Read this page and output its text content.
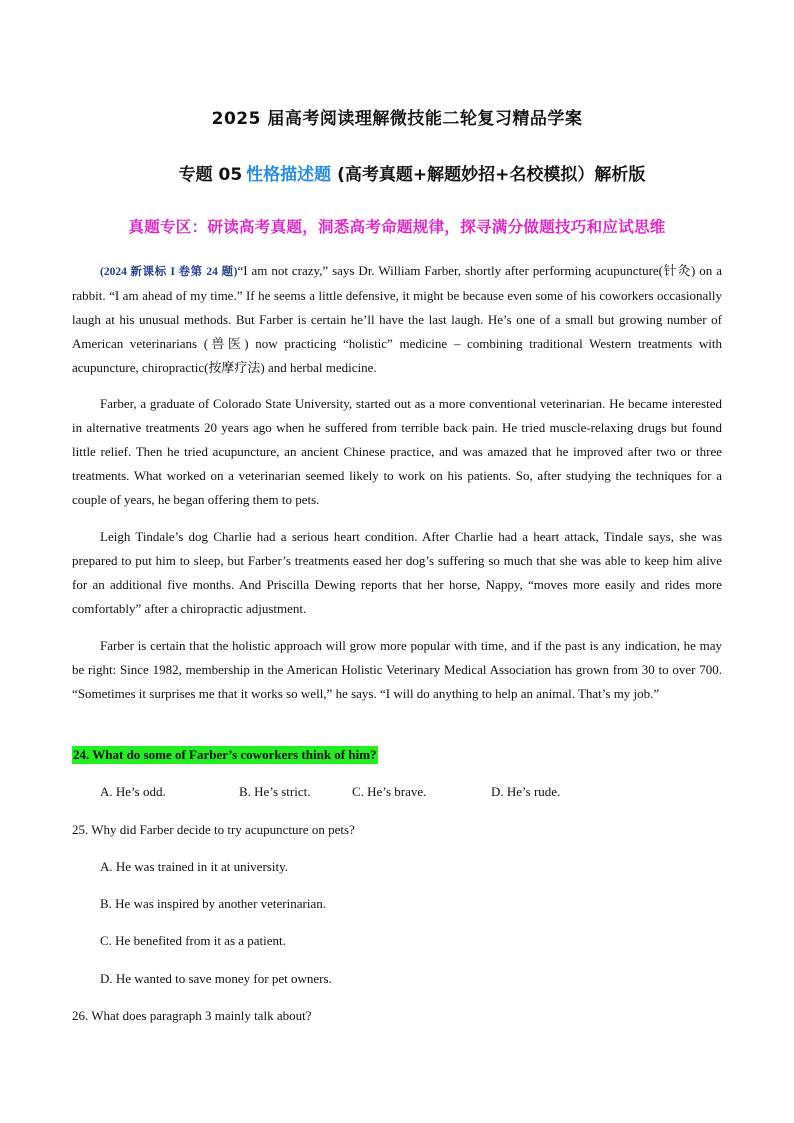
2025 届高考阅读理解微技能二轮复习精品学案
专题 05 性格描述题 (高考真题+解题妙招+名校模拟）解析版
真题专区：研读高考真题，洞悉高考命题规律，探寻满分做题技巧和应试思维

(2024 新课标 I 卷第 24 题)“I am not crazy,” says Dr. William Farber, shortly after performing acupuncture(针灸) on a rabbit. “I am ahead of my time.” If he seems a little defensive, it might be because even some of his coworkers occasionally laugh at his unusual methods. But Farber is certain he’ll have the last laugh. He’s one of a small but growing number of American veterinarians (兽医) now practicing “holistic” medicine – combining traditional Western treatments with acupuncture, chiropractic(按摩疗法) and herbal medicine.

Farber, a graduate of Colorado State University, started out as a more conventional veterinarian. He became interested in alternative treatments 20 years ago when he suffered from terrible back pain. He tried muscle-relaxing drugs but found little relief. Then he tried acupuncture, an ancient Chinese practice, and was amazed that he improved after two or three treatments. What worked on a veterinarian seemed likely to work on his patients. So, after studying the techniques for a couple of years, he began offering them to pets.

Leigh Tindale’s dog Charlie had a serious heart condition. After Charlie had a heart attack, Tindale says, she was prepared to put him to sleep, but Farber’s treatments eased her dog’s suffering so much that she was able to keep him alive for an additional five months. And Priscilla Dewing reports that her horse, Nappy, “moves more easily and rides more comfortably” after a chiropractic adjustment.

Farber is certain that the holistic approach will grow more popular with time, and if the past is any indication, he may be right: Since 1982, membership in the American Holistic Veterinary Medical Association has grown from 30 to over 700. “Sometimes it surprises me that it works so well,” he says. “I will do anything to help an animal. That’s my job.”

24. What do some of Farber’s coworkers think of him?

A. He’s odd.	B. He’s strict.	C. He’s brave.	D. He’s rude.

25. Why did Farber decide to try acupuncture on pets?

A. He was trained in it at university.
B. He was inspired by another veterinarian.
C. He benefited from it as a patient.
D. He wanted to save money for pet owners.

26. What does paragraph 3 mainly talk about?
